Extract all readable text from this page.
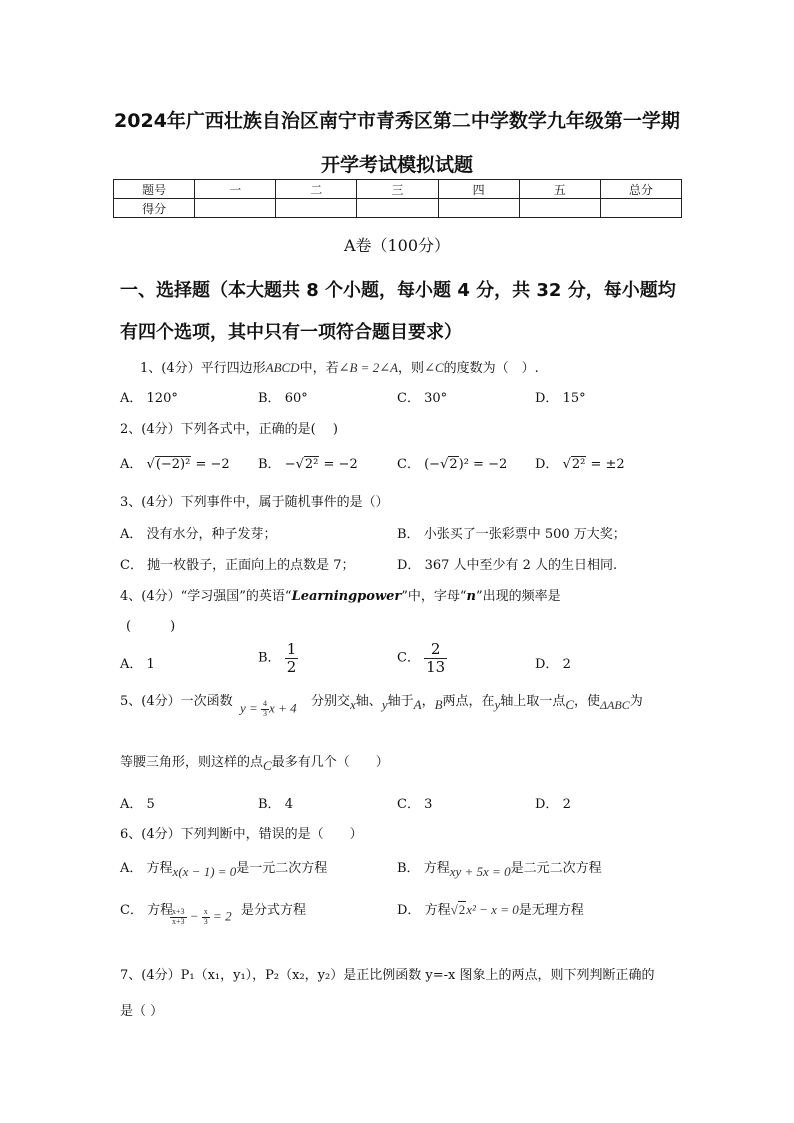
2024年广西壮族自治区南宁市青秀区第二中学数学九年级第一学期
开学考试模拟试题
题号	一	二	三	四	五	总分
得分						
A卷（100分）
一、选择题（本大题共 8 个小题，每小题 4 分，共 32 分，每小题均
有四个选项，其中只有一项符合题目要求）
1、(4分）平行四边形ABCD中，若∠B = 2∠A，则∠C的度数为（　）.
A． 120°	B． 60°	C． 30°	D． 15°
2、(4分）下列各式中，正确的是(　 )
A． √(−2)² = −2 B． −√2² = −2	C． (−√2)² = −2 D． √2² = ±2
3、(4分）下列事件中，属于随机事件的是（）
A． 没有水分，种子发芽；	B． 小张买了一张彩票中 500 万大奖；
C． 抛一枚骰子，正面向上的点数是 7；	D． 367 人中至少有 2 人的生日相同.
4、(4分）“学习强国”的英语“Learningpower”中，字母“n”出现的频率是
(　　　)
A． 1	B． $\frac{1}{2}$	C． $\frac{2}{13}$	D． 2
5、(4分）一次函数 $y = \frac{4}{3}$ x + 4 分别交x轴、y轴于A，B两点，在y轴上取一点C，使ΔABC为
等腰三角形，则这样的点C最多有几个（　　）
A． 5	B． 4	C． 3	D． 2
6、(4分）下列判断中，错误的是（　　）
A． 方程x(x − 1) = 0是一元二次方程	B． 方程xy + 5x = 0是二元二次方程
C． 方程
$\frac{x+3}{x+3} - \frac{x}{3} = 2$ 是分式方程	D． 方程√2x² − x = 0是无理方程
7、(4分）P₁（x₁，y₁），P₂（x₂，y₂）是正比例函数 y=-x 图象上的两点，则下列判断正确的
是（ ）
